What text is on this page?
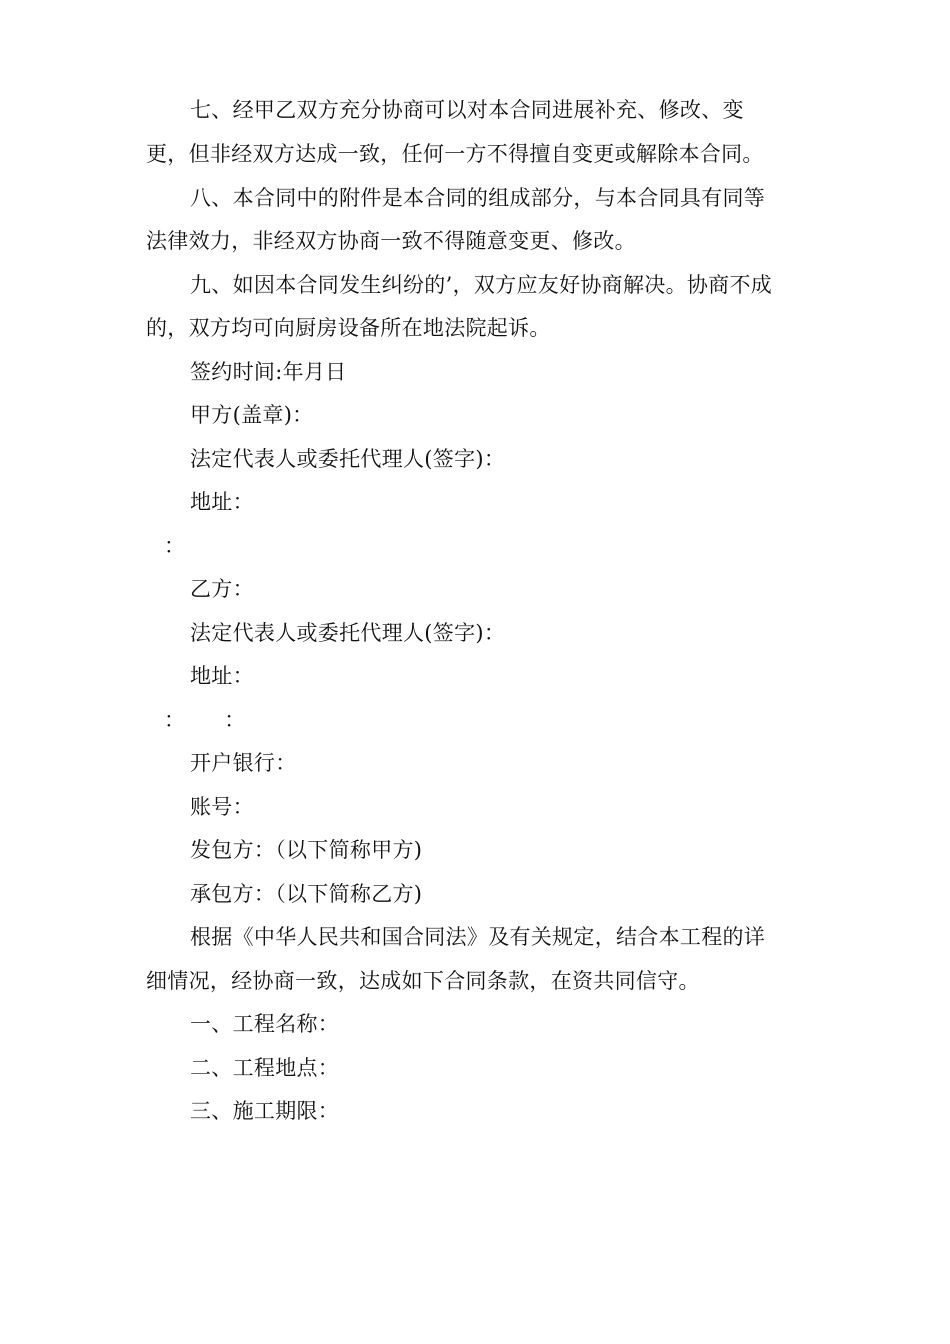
七、经甲乙双方充分协商可以对本合同进展补充、修改、变
更，但非经双方达成一致，任何一方不得擅自变更或解除本合同。
八、本合同中的附件是本合同的组成部分，与本合同具有同等
法律效力，非经双方协商一致不得随意变更、修改。
九、如因本合同发生纠纷的’，双方应友好协商解决。协商不成
的，双方均可向厨房设备所在地法院起诉。
签约时间:年月日
甲方(盖章)：
法定代表人或委托代理人(签字)：
地址：
：
乙方：
法定代表人或委托代理人(签字)：
地址：
： ：
开户银行：
账号：
发包方：（以下简称甲方)
承包方：（以下简称乙方)
根据《中华人民共和国合同法》及有关规定，结合本工程的详
细情况，经协商一致，达成如下合同条款，在资共同信守。
一、工程名称：
二、工程地点：
三、施工期限：
